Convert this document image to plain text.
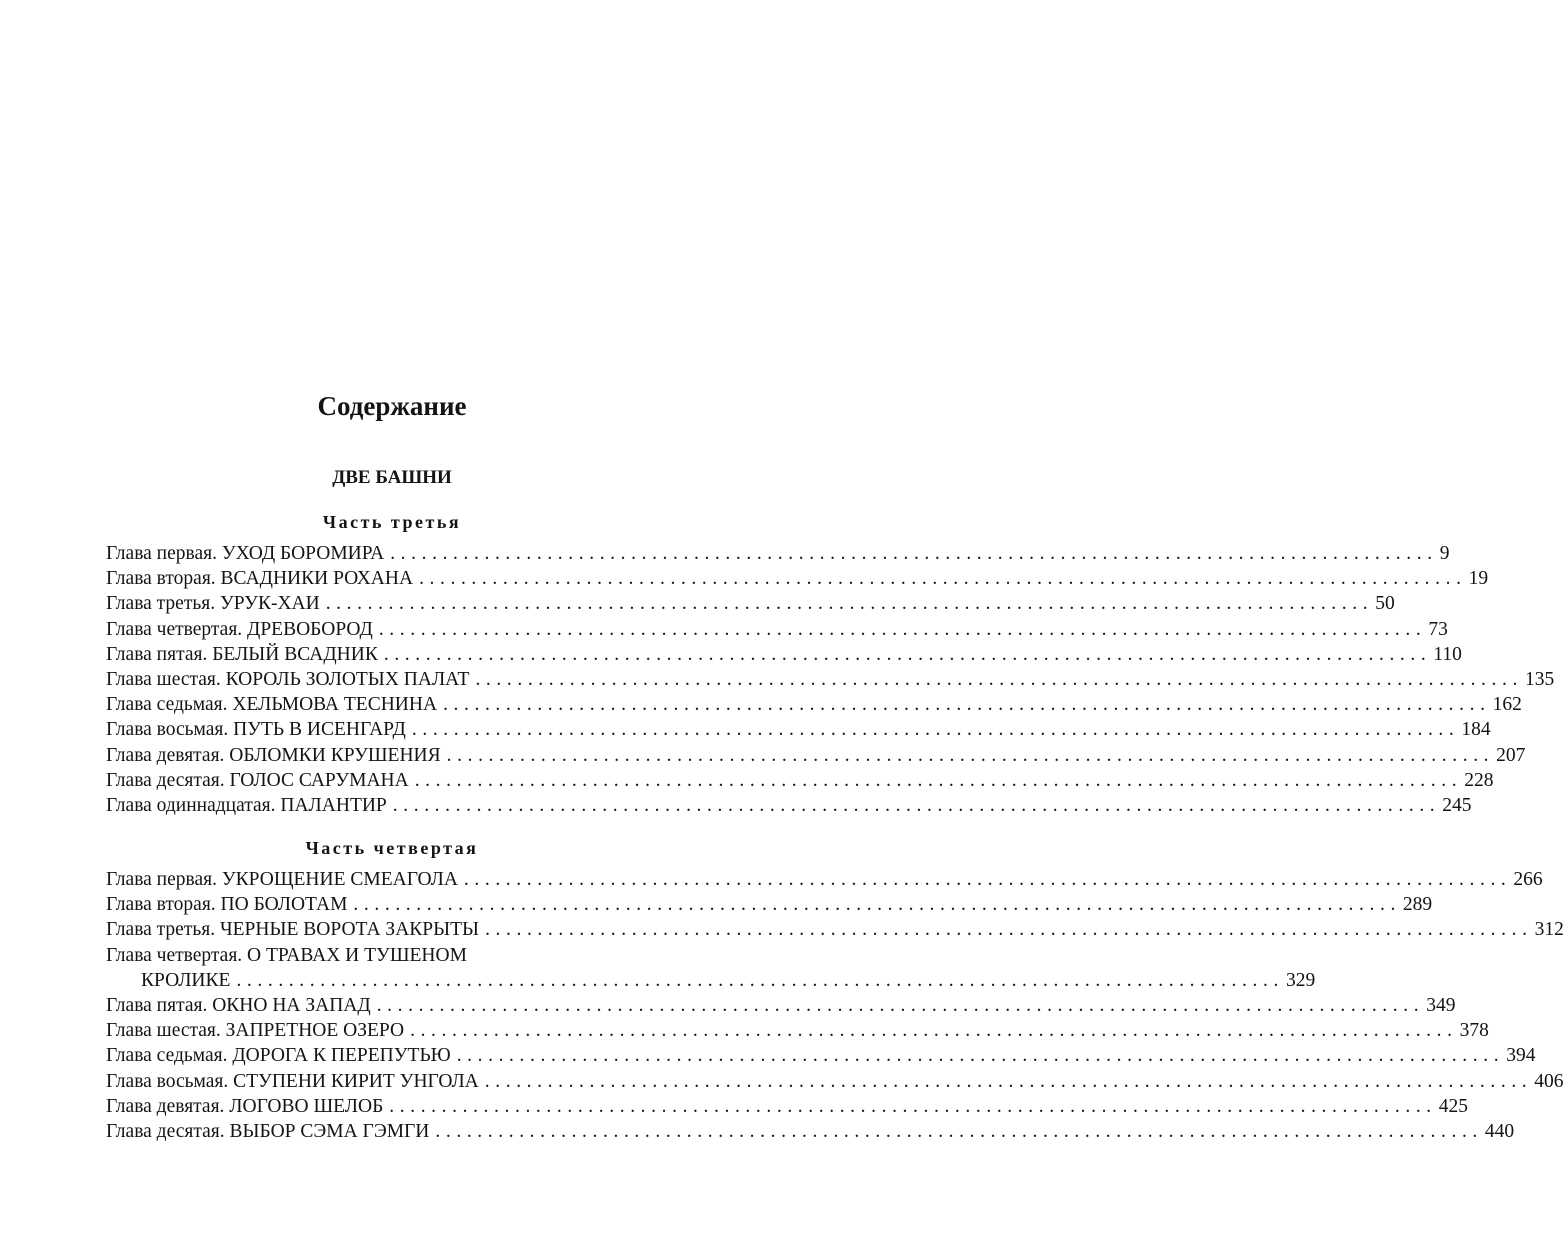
Содержание
ДВЕ БАШНИ
Часть третья
Глава первая. УХОД БОРОМИРА .................................................................................................... 9
Глава вторая. ВСАДНИКИ РОХАНА .................................................................................................... 19
Глава третья. УРУК-ХАИ .................................................................................................... 50
Глава четвертая. ДРЕВОБОРОД .................................................................................................... 73
Глава пятая. БЕЛЫЙ ВСАДНИК .................................................................................................... 110
Глава шестая. КОРОЛЬ ЗОЛОТЫХ ПАЛАТ .................................................................................................... 135
Глава седьмая. ХЕЛЬМОВА ТЕСНИНА .................................................................................................... 162
Глава восьмая. ПУТЬ В ИСЕНГАРД .................................................................................................... 184
Глава девятая. ОБЛОМКИ КРУШЕНИЯ .................................................................................................... 207
Глава десятая. ГОЛОС САРУМАНА .................................................................................................... 228
Глава одиннадцатая. ПАЛАНТИР .................................................................................................... 245
Часть четвертая
Глава первая. УКРОЩЕНИЕ СМЕАГОЛА .................................................................................................... 266
Глава вторая. ПО БОЛОТАМ .................................................................................................... 289
Глава третья. ЧЕРНЫЕ ВОРОТА ЗАКРЫТЫ .................................................................................................... 312
Глава четвертая. О ТРАВАХ И ТУШЕНОМ
КРОЛИКЕ .................................................................................................... 329
Глава пятая. ОКНО НА ЗАПАД .................................................................................................... 349
Глава шестая. ЗАПРЕТНОЕ ОЗЕРО .................................................................................................... 378
Глава седьмая. ДОРОГА К ПЕРЕПУТЬЮ .................................................................................................... 394
Глава восьмая. СТУПЕНИ КИРИТ УНГОЛА .................................................................................................... 406
Глава девятая. ЛОГОВО ШЕЛОБ .................................................................................................... 425
Глава десятая. ВЫБОР СЭМА ГЭМГИ .................................................................................................... 440
